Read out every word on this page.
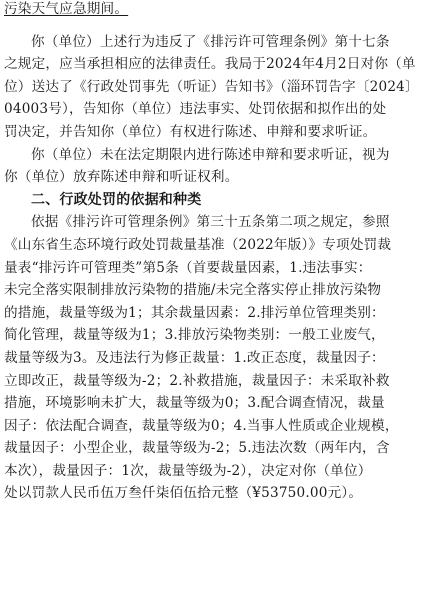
污染天气应急期间。
你（单位）上述行为违反了《排污许可管理条例》第十七条
之规定，应当承担相应的法律责任。我局于2024年4月2日对你（单
位）送达了《行政处罚事先（听证）告知书》（淄环罚告字〔2024〕
04003号），告知你（单位）违法事实、处罚依据和拟作出的处
罚决定，并告知你（单位）有权进行陈述、申辩和要求听证。
你（单位）未在法定期限内进行陈述申辩和要求听证，视为
你（单位）放弃陈述申辩和听证权利。
二、行政处罚的依据和种类
依据《排污许可管理条例》第三十五条第二项之规定，参照
《山东省生态环境行政处罚裁量基准（2022年版）》专项处罚裁
量表“排污许可管理类”第5条（首要裁量因素，1.违法事实：
未完全落实限制排放污染物的措施/未完全落实停止排放污染物
的措施，裁量等级为1；其余裁量因素：2.排污单位管理类别：
简化管理，裁量等级为1；3.排放污染物类别：一般工业废气，
裁量等级为3。及违法行为修正裁量：1.改正态度，裁量因子：
立即改正，裁量等级为-2；2.补救措施，裁量因子：未采取补救
措施，环境影响未扩大，裁量等级为0；3.配合调查情况，裁量
因子：依法配合调查，裁量等级为0；4.当事人性质或企业规模，
裁量因子：小型企业，裁量等级为-2；5.违法次数（两年内，含
本次），裁量因子：1次，裁量等级为-2），决定对你（单位）
处以罚款人民币伍万叁仟柒佰伍拾元整（¥53750.00元）。
